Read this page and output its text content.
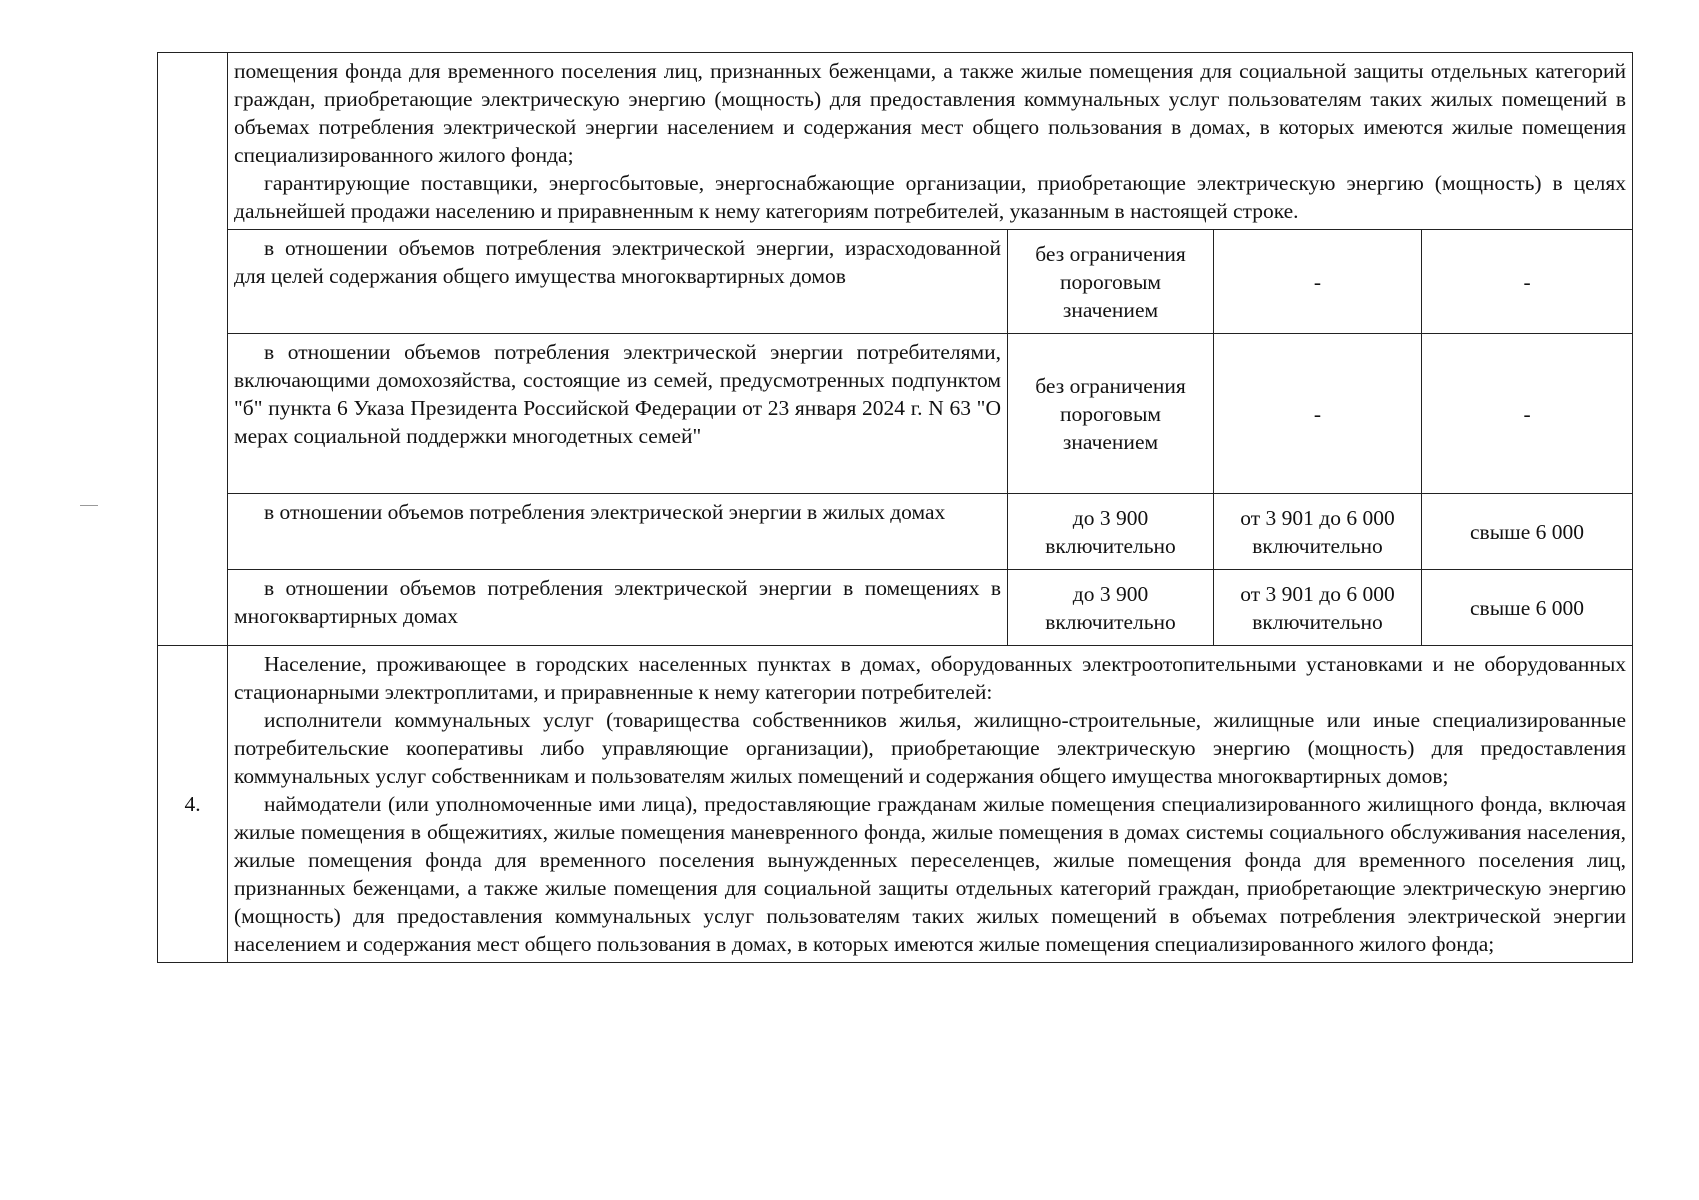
	помещения фонда для временного поселения лиц, признанных беженцами, а также жилые помещения для социальной защиты отдельных категорий граждан, приобретающие электрическую энергию (мощность) для предоставления коммунальных услуг пользователям таких жилых помещений в объемах потребления электрической энергии населением и содержания мест общего пользования в домах, в которых имеются жилые помещения специализированного жилого фонда;

гарантирующие поставщики, энергосбытовые, энергоснабжающие организации, приобретающие электрическую энергию (мощность) в целях дальнейшей продажи населению и приравненным к нему категориям потребителей, указанным в настоящей строке.			

	в отношении объемов потребления электрической энергии, израсходованной для целей содержания общего имущества многоквартирных домов	без ограничения пороговым значением	-	-

	в отношении объемов потребления электрической энергии потребителями, включающими домохозяйства, состоящие из семей, предусмотренных подпунктом "б" пункта 6 Указа Президента Российской Федерации от 23 января 2024 г. N 63 "О мерах социальной поддержки многодетных семей"	без ограничения пороговым значением	-	-

	в отношении объемов потребления электрической энергии в жилых домах	до 3 900 включительно	от 3 901 до 6 000 включительно	свыше 6 000

	в отношении объемов потребления электрической энергии в помещениях в многоквартирных домах	до 3 900 включительно	от 3 901 до 6 000 включительно	свыше 6 000
4.	Население, проживающее в городских населенных пунктах в домах, оборудованных электроотопительными установками и не оборудованных стационарными электроплитами, и приравненные к нему категории потребителей:

исполнители коммунальных услуг (товарищества собственников жилья, жилищно-строительные, жилищные или иные специализированные потребительские кооперативы либо управляющие организации), приобретающие электрическую энергию (мощность) для предоставления коммунальных услуг собственникам и пользователям жилых помещений и содержания общего имущества многоквартирных домов;

наймодатели (или уполномоченные ими лица), предоставляющие гражданам жилые помещения специализированного жилищного фонда, включая жилые помещения в общежитиях, жилые помещения маневренного фонда, жилые помещения в домах системы социального обслуживания населения, жилые помещения фонда для временного поселения вынужденных переселенцев, жилые помещения фонда для временного поселения лиц, признанных беженцами, а также жилые помещения для социальной защиты отдельных категорий граждан, приобретающие электрическую энергию (мощность) для предоставления коммунальных услуг пользователям таких жилых помещений в объемах потребления электрической энергии населением и содержания мест общего пользования в домах, в которых имеются жилые помещения специализированного жилого фонда;			
